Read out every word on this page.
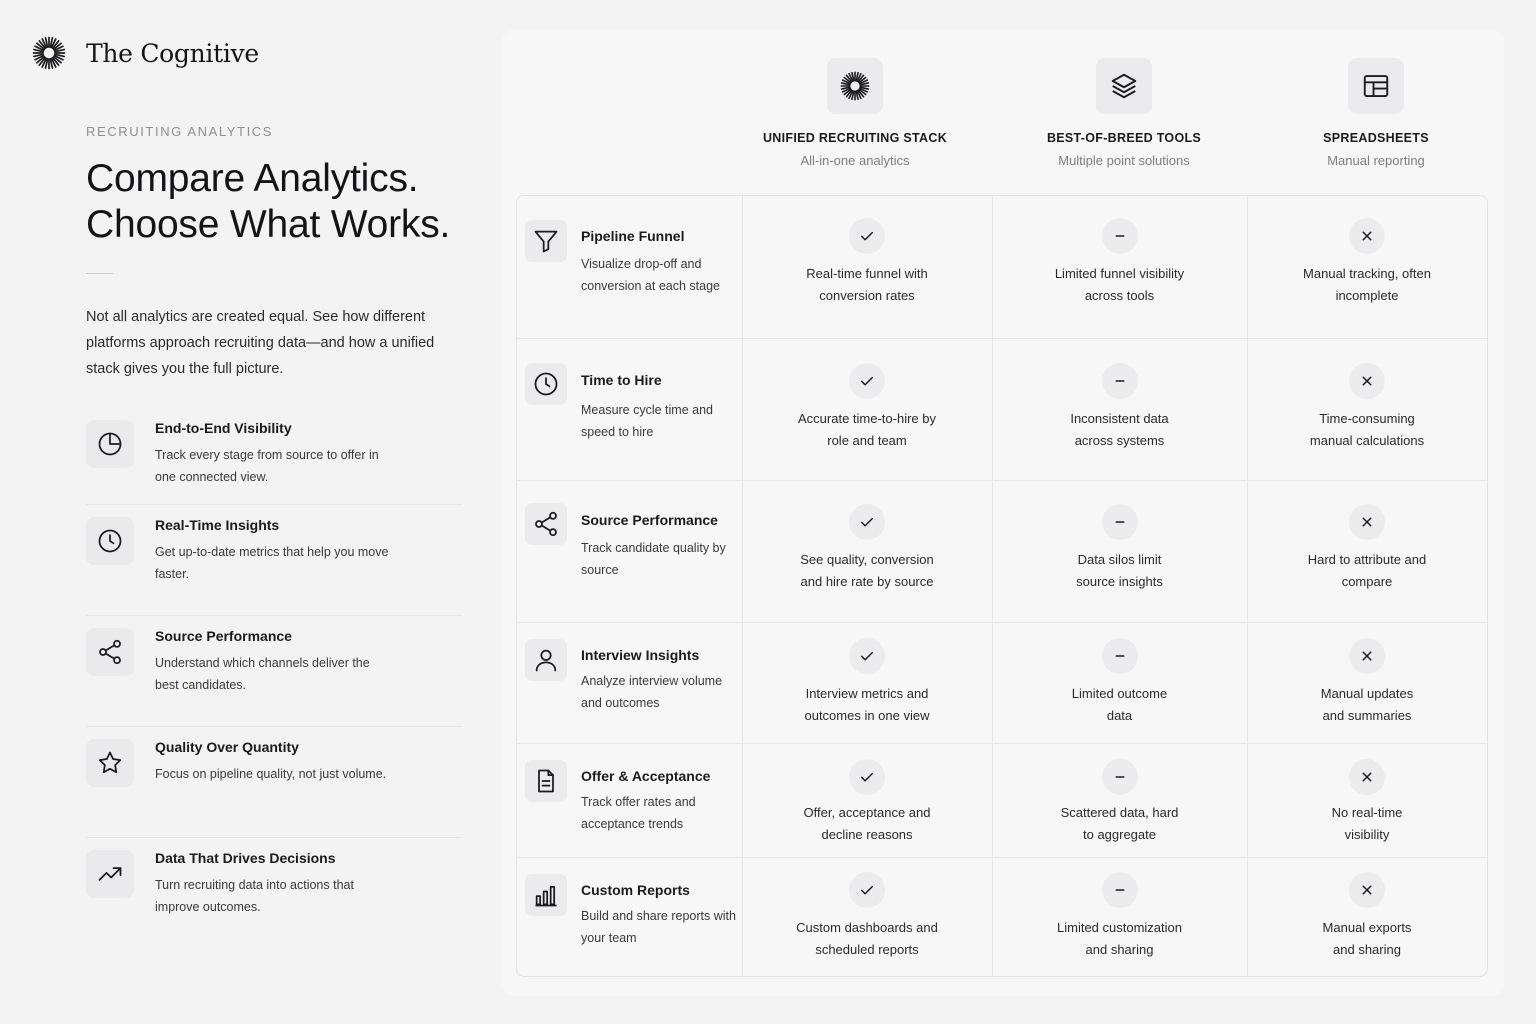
The Cognitive
RECRUITING ANALYTICS
Compare Analytics.
Choose What Works.

Not all analytics are created equal. See how different platforms approach recruiting data—and how a unified stack gives you the full picture.

End-to-End Visibility
Track every stage from source to offer in one connected view.
Real-Time Insights
Get up-to-date metrics that help you move faster.
Source Performance
Understand which channels deliver the best candidates.
Quality Over Quantity
Focus on pipeline quality, not just volume.
Data That Drives Decisions
Turn recruiting data into actions that improve outcomes.
UNIFIED RECRUITING STACK
All-in-one analytics
BEST-OF-BREED TOOLS
Multiple point solutions
SPREADSHEETS
Manual reporting
Pipeline Funnel
Visualize drop-off and conversion at each stage
Real-time funnel with conversion rates
Limited funnel visibility across tools
Manual tracking, often incomplete
Time to Hire
Measure cycle time and speed to hire
Accurate time-to-hire by role and team
Inconsistent data across systems
Time-consuming manual calculations
Source Performance
Track candidate quality by source
See quality, conversion and hire rate by source
Data silos limit source insights
Hard to attribute and compare
Interview Insights
Analyze interview volume and outcomes
Interview metrics and outcomes in one view
Limited outcome data
Manual updates and summaries
Offer & Acceptance
Track offer rates and acceptance trends
Offer, acceptance and decline reasons
Scattered data, hard to aggregate
No real-time visibility
Custom Reports
Build and share reports with your team
Custom dashboards and scheduled reports
Limited customization and sharing
Manual exports and sharing
